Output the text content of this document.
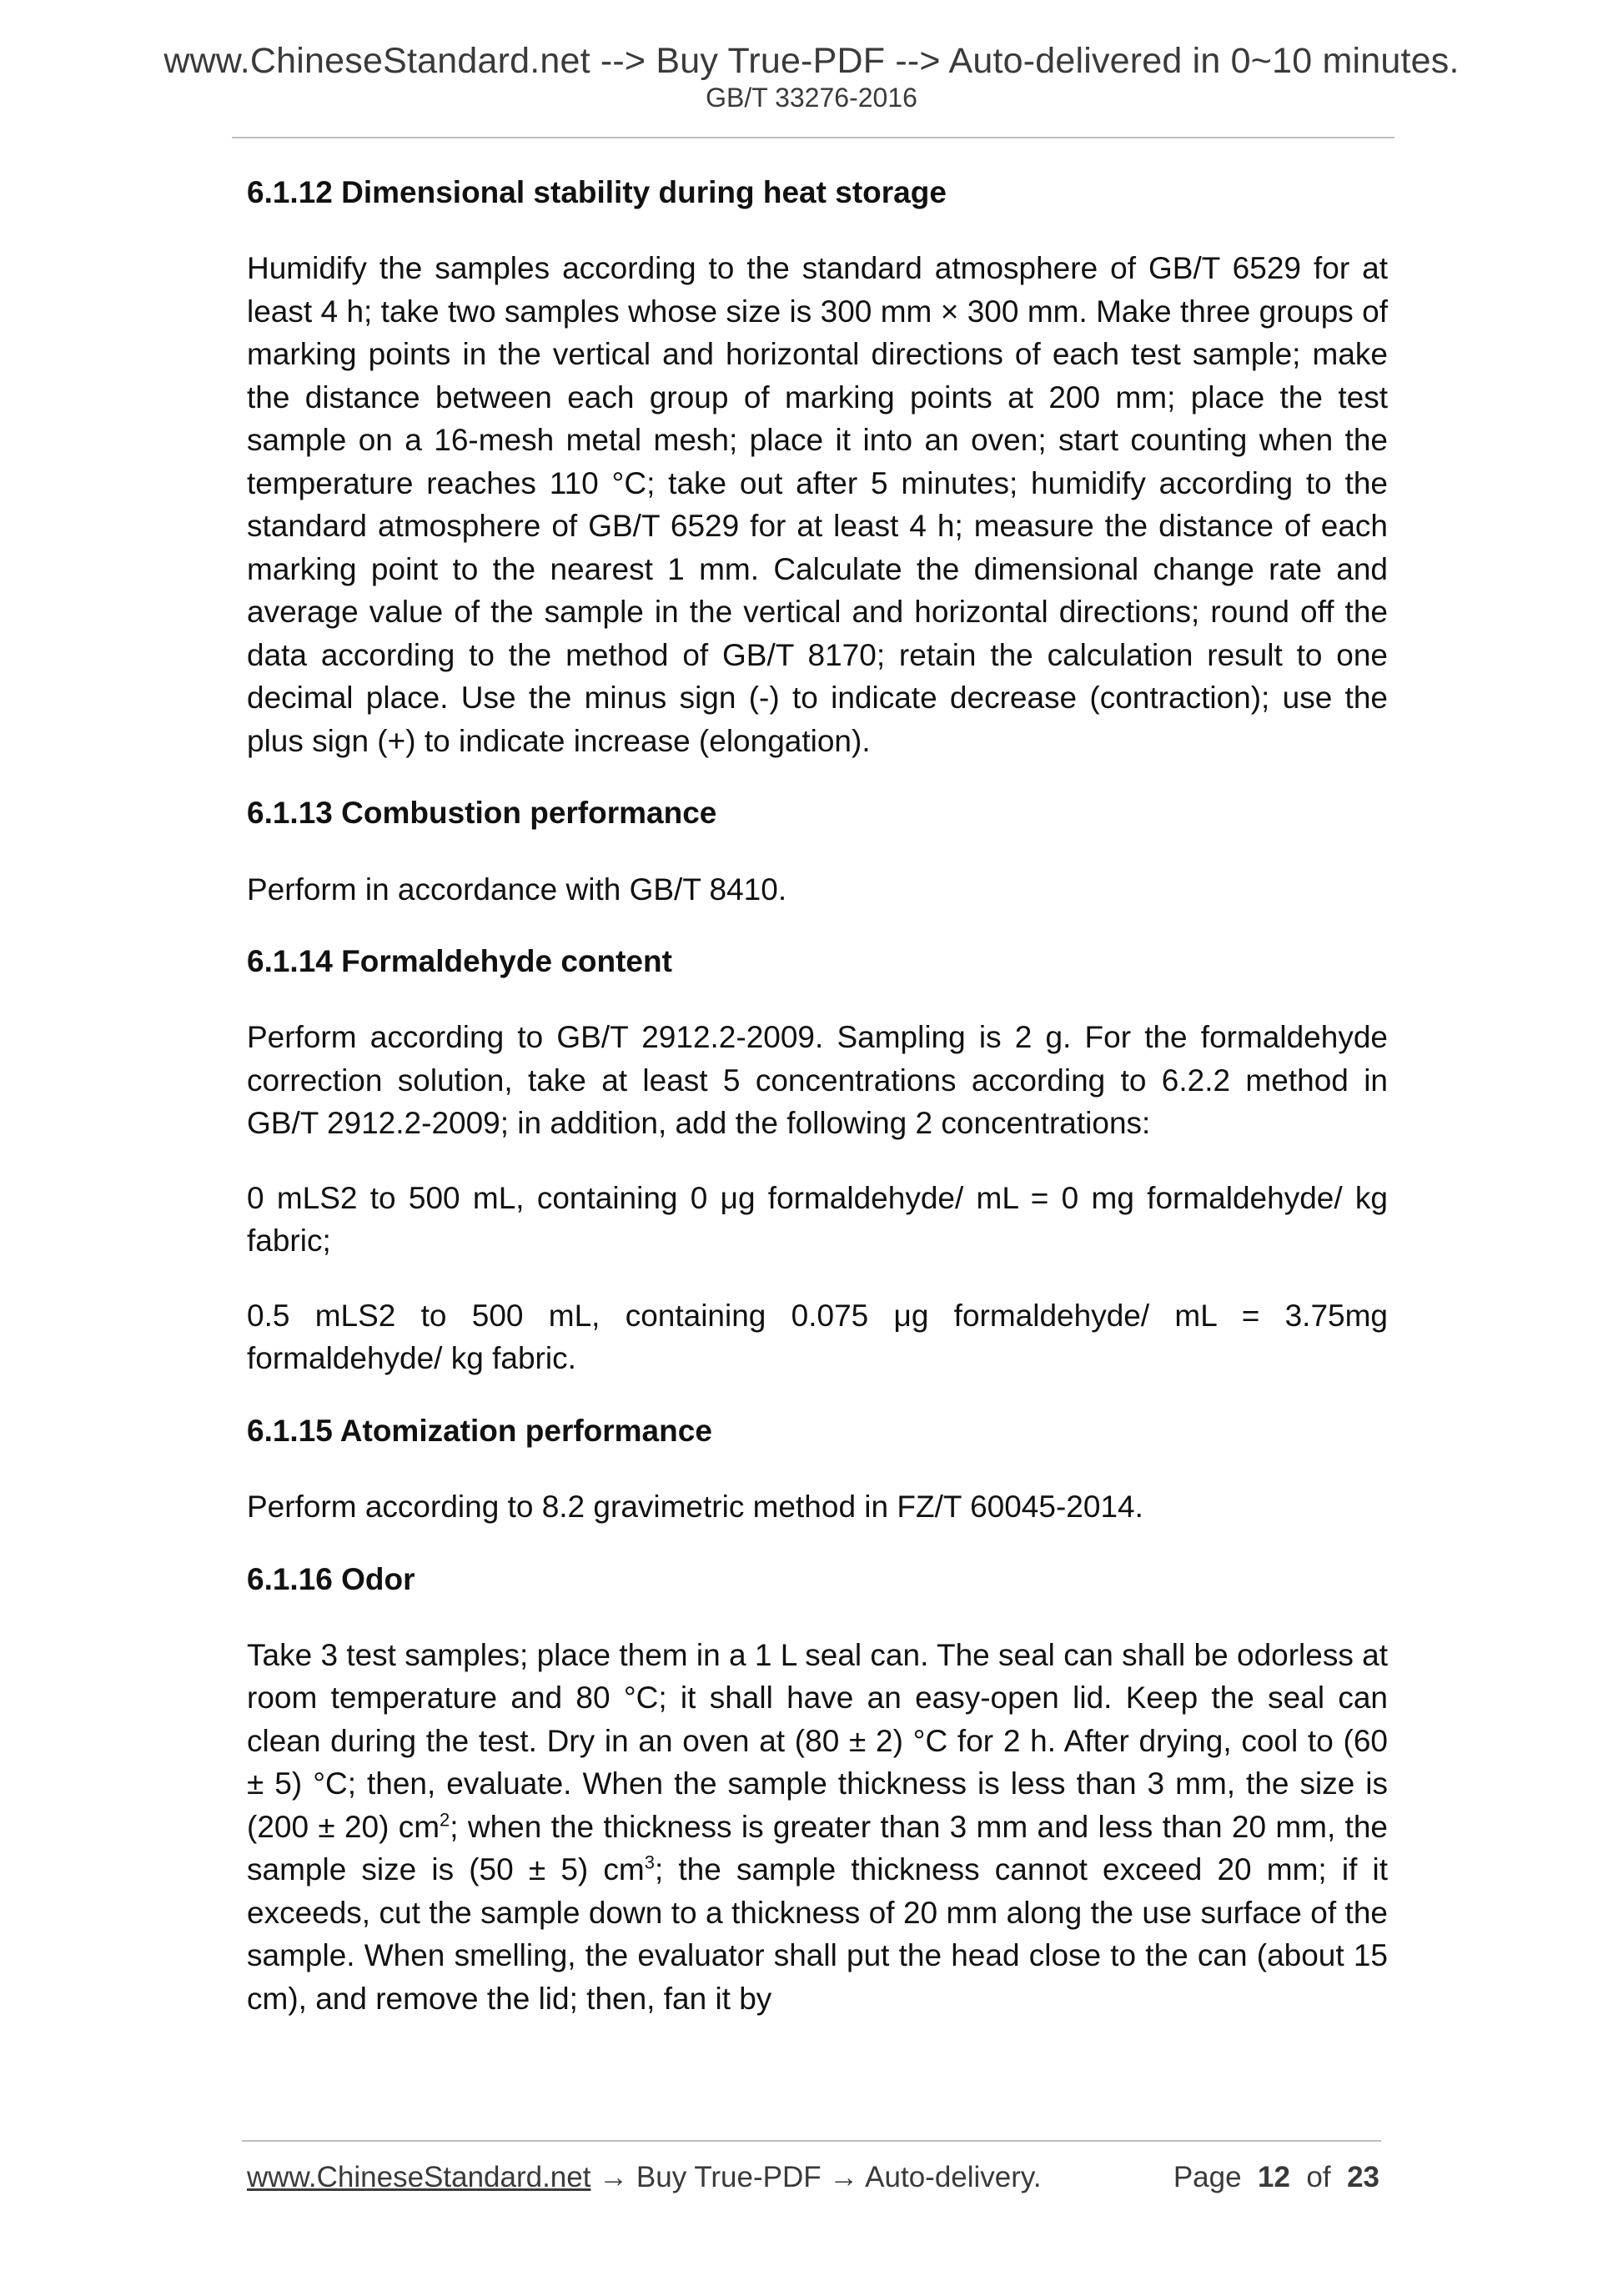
www.ChineseStandard.net --> Buy True-PDF --> Auto-delivered in 0~10 minutes.
GB/T 33276-2016
6.1.12 Dimensional stability during heat storage

Humidify the samples according to the standard atmosphere of GB/T 6529 for at least 4 h; take two samples whose size is 300 mm × 300 mm. Make three groups of marking points in the vertical and horizontal directions of each test sample; make the distance between each group of marking points at 200 mm; place the test sample on a 16-mesh metal mesh; place it into an oven; start counting when the temperature reaches 110 °C; take out after 5 minutes; humidify according to the standard atmosphere of GB/T 6529 for at least 4 h; measure the distance of each marking point to the nearest 1 mm. Calculate the dimensional change rate and average value of the sample in the vertical and horizontal directions; round off the data according to the method of GB/T 8170; retain the calculation result to one decimal place. Use the minus sign (-) to indicate decrease (contraction); use the plus sign (+) to indicate increase (elongation).

6.1.13 Combustion performance

Perform in accordance with GB/T 8410.

6.1.14 Formaldehyde content

Perform according to GB/T 2912.2-2009. Sampling is 2 g. For the formaldehyde correction solution, take at least 5 concentrations according to 6.2.2 method in GB/T 2912.2-2009; in addition, add the following 2 concentrations:

0 mLS2 to 500 mL, containing 0 μg formaldehyde/ mL = 0 mg formaldehyde/ kg fabric;

0.5 mLS2 to 500 mL, containing 0.075 μg formaldehyde/ mL = 3.75mg formaldehyde/ kg fabric.

6.1.15 Atomization performance

Perform according to 8.2 gravimetric method in FZ/T 60045-2014.

6.1.16 Odor

Take 3 test samples; place them in a 1 L seal can. The seal can shall be odorless at room temperature and 80 °C; it shall have an easy-open lid. Keep the seal can clean during the test. Dry in an oven at (80 ± 2) °C for 2 h. After drying, cool to (60 ± 5) °C; then, evaluate. When the sample thickness is less than 3 mm, the size is (200 ± 20) $cm^2$; when the thickness is greater than 3 mm and less than 20 mm, the sample size is (50 ± 5) $cm^3$; the sample thickness cannot exceed 20 mm; if it exceeds, cut the sample down to a thickness of 20 mm along the use surface of the sample. When smelling, the evaluator shall put the head close to the can (about 15 cm), and remove the lid; then, fan it by

www.ChineseStandard.net → Buy True-PDF → Auto-delivery.	Page 12 of 23
